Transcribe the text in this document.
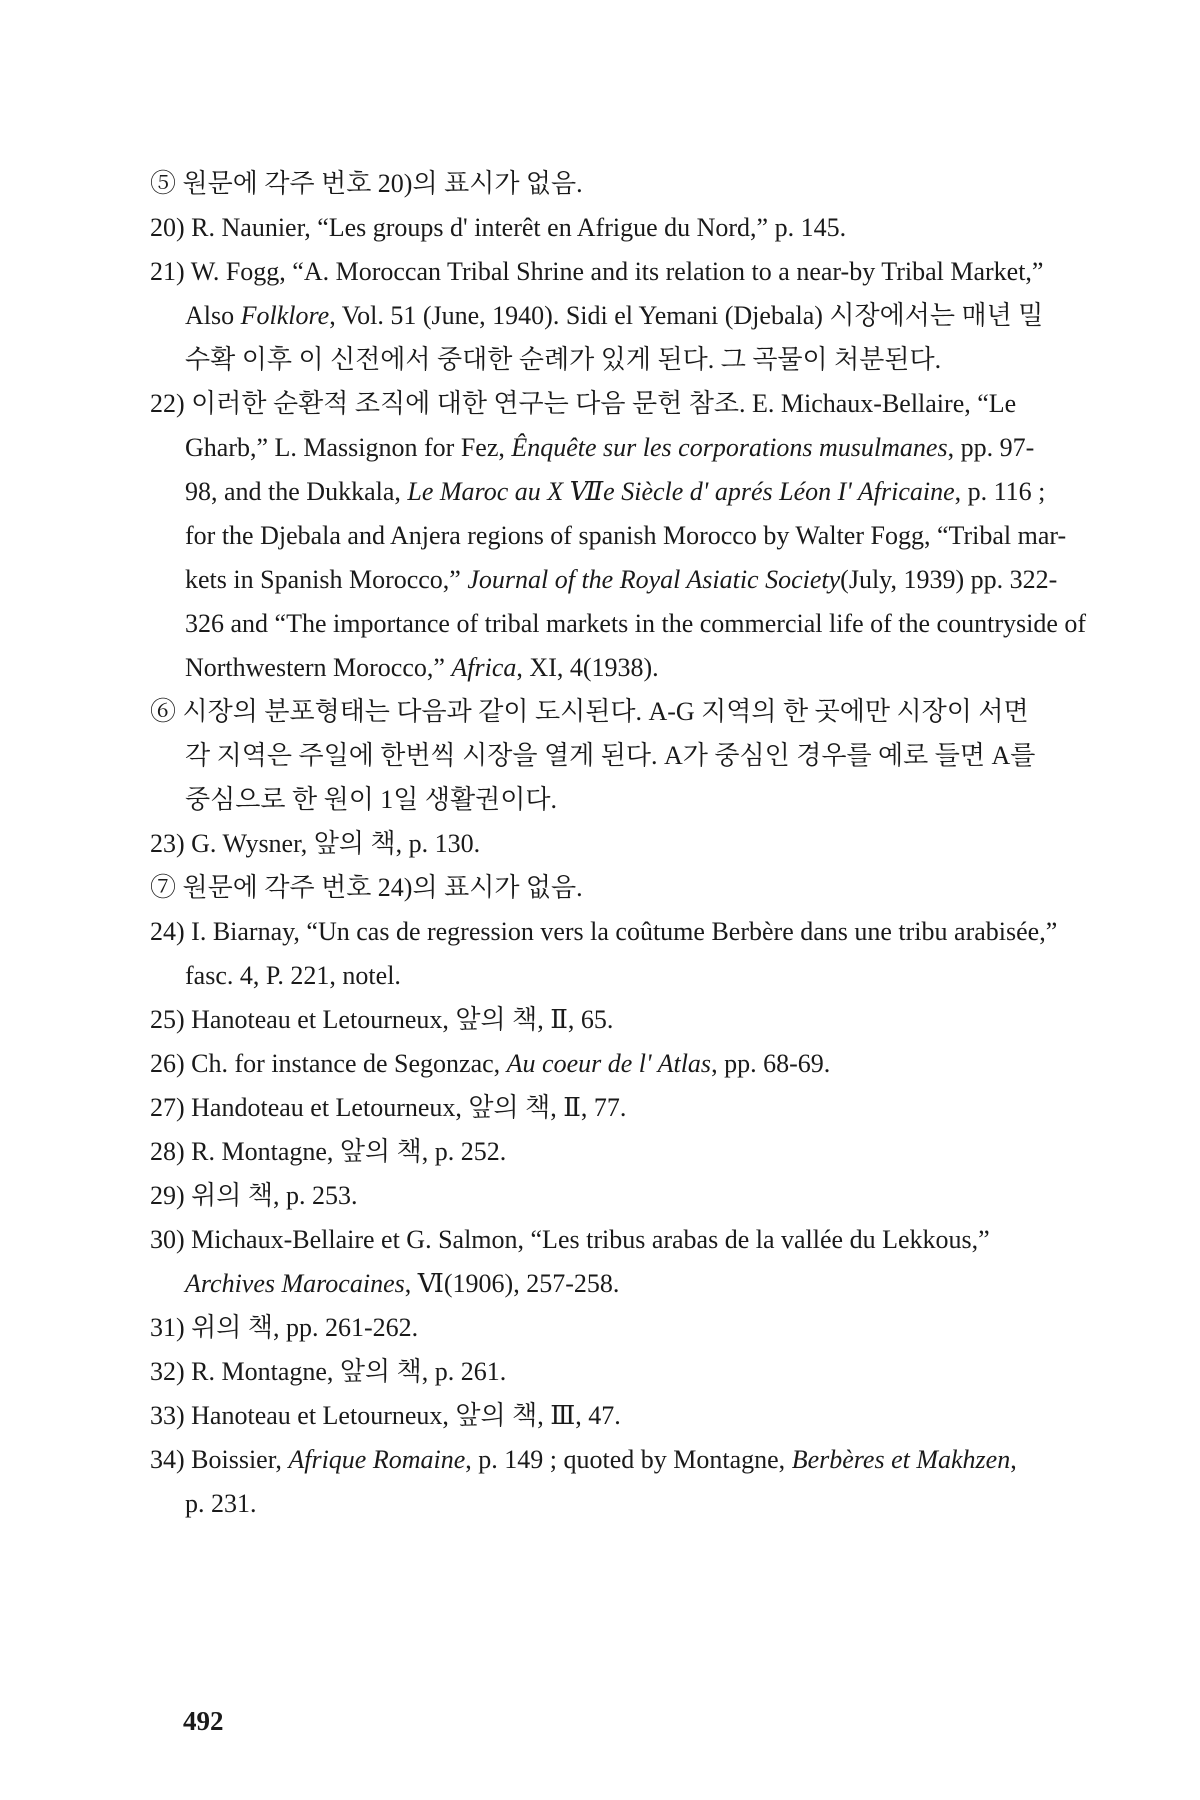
⑤ 원문에 각주 번호 20)의 표시가 없음.
20) R. Naunier, “Les groups d' interêt en Afrigue du Nord,” p. 145.
21) W. Fogg, “A. Moroccan Tribal Shrine and its relation to a near-by Tribal Market,”
Also Folklore, Vol. 51 (June, 1940). Sidi el Yemani (Djebala) 시장에서는 매년 밀
수확 이후 이 신전에서 중대한 순례가 있게 된다. 그 곡물이 처분된다.
22) 이러한 순환적 조직에 대한 연구는 다음 문헌 참조. E. Michaux-Bellaire, “Le
Gharb,” L. Massignon for Fez, Ênquête sur les corporations musulmanes, pp. 97-
98, and the Dukkala, Le Maroc au X Ⅶe Siècle d' aprés Léon I' Africaine, p. 116 ;
for the Djebala and Anjera regions of spanish Morocco by Walter Fogg, “Tribal mar-
kets in Spanish Morocco,” Journal of the Royal Asiatic Society(July, 1939) pp. 322-
326 and “The importance of tribal markets in the commercial life of the countryside of
Northwestern Morocco,” Africa, XI, 4(1938).
⑥ 시장의 분포형태는 다음과 같이 도시된다. A-G 지역의 한 곳에만 시장이 서면
각 지역은 주일에 한번씩 시장을 열게 된다. A가 중심인 경우를 예로 들면 A를
중심으로 한 원이 1일 생활권이다.
23) G. Wysner, 앞의 책, p. 130.
⑦ 원문에 각주 번호 24)의 표시가 없음.
24) I. Biarnay, “Un cas de regression vers la coûtume Berbère dans une tribu arabisée,”
fasc. 4, P. 221, notel.
25) Hanoteau et Letourneux, 앞의 책, Ⅱ, 65.
26) Ch. for instance de Segonzac, Au coeur de l' Atlas, pp. 68-69.
27) Handoteau et Letourneux, 앞의 책, Ⅱ, 77.
28) R. Montagne, 앞의 책, p. 252.
29) 위의 책, p. 253.
30) Michaux-Bellaire et G. Salmon, “Les tribus arabas de la vallée du Lekkous,”
Archives Marocaines, Ⅵ(1906), 257-258.
31) 위의 책, pp. 261-262.
32) R. Montagne, 앞의 책, p. 261.
33) Hanoteau et Letourneux, 앞의 책, Ⅲ, 47.
34) Boissier, Afrique Romaine, p. 149 ; quoted by Montagne, Berbères et Makhzen,
p. 231.
492
